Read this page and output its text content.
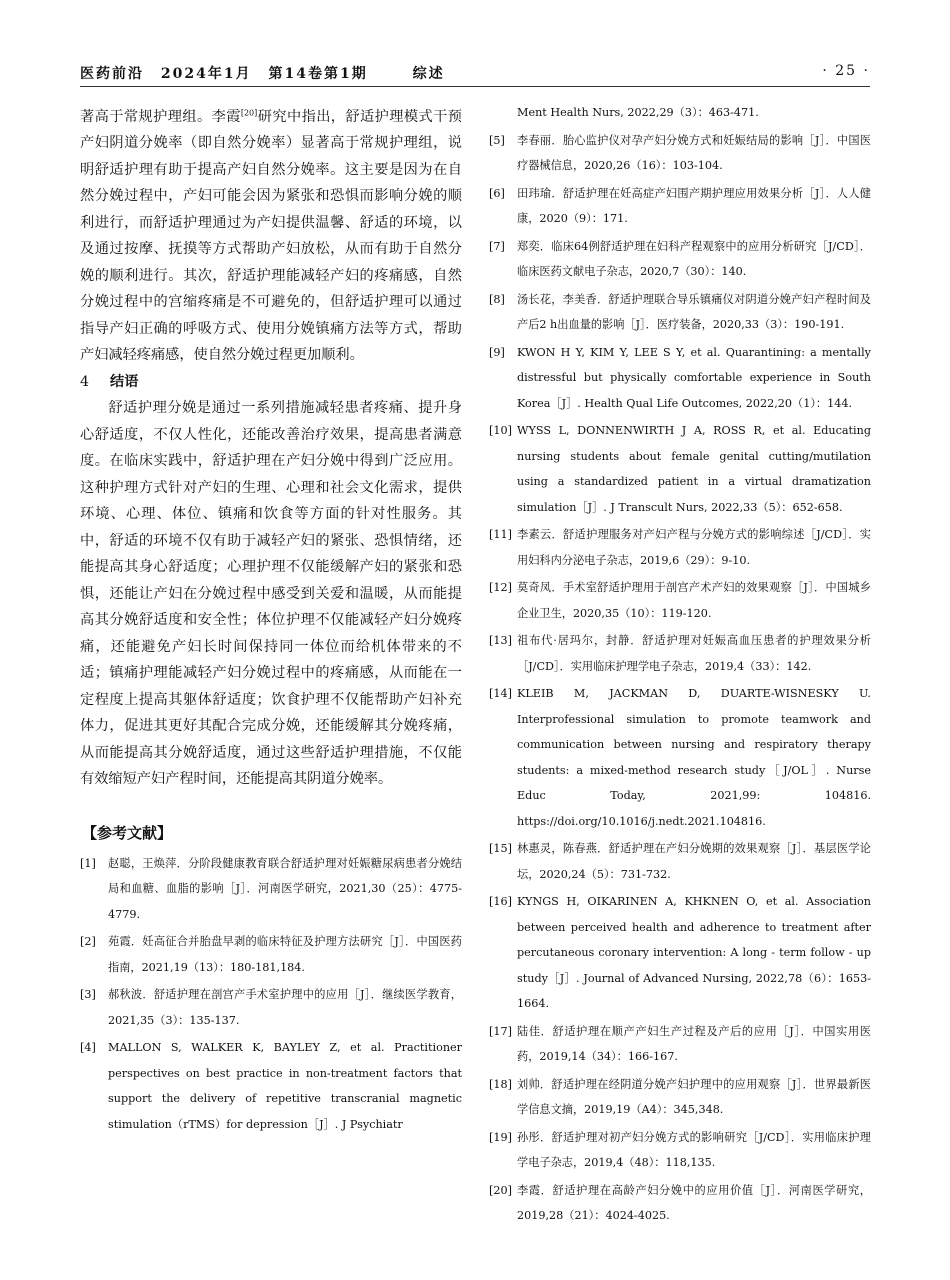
医药前沿 2024年1月 第14卷第1期	综述	· 25 ·

著高于常规护理组。李霞[20]研究中指出，舒适护理模式干预产妇阴道分娩率（即自然分娩率）显著高于常规护理组，说明舒适护理有助于提高产妇自然分娩率。这主要是因为在自然分娩过程中，产妇可能会因为紧张和恐惧而影响分娩的顺利进行，而舒适护理通过为产妇提供温馨、舒适的环境，以及通过按摩、抚摸等方式帮助产妇放松，从而有助于自然分娩的顺利进行。其次，舒适护理能减轻产妇的疼痛感，自然分娩过程中的宫缩疼痛是不可避免的，但舒适护理可以通过指导产妇正确的呼吸方式、使用分娩镇痛方法等方式，帮助产妇减轻疼痛感，使自然分娩过程更加顺利。

4 结语

舒适护理分娩是通过一系列措施减轻患者疼痛、提升身心舒适度，不仅人性化，还能改善治疗效果，提高患者满意度。在临床实践中，舒适护理在产妇分娩中得到广泛应用。这种护理方式针对产妇的生理、心理和社会文化需求，提供环境、心理、体位、镇痛和饮食等方面的针对性服务。其中，舒适的环境不仅有助于减轻产妇的紧张、恐惧情绪，还能提高其身心舒适度；心理护理不仅能缓解产妇的紧张和恐惧，还能让产妇在分娩过程中感受到关爱和温暖，从而能提高其分娩舒适度和安全性；体位护理不仅能减轻产妇分娩疼痛，还能避免产妇长时间保持同一体位而给机体带来的不适；镇痛护理能减轻产妇分娩过程中的疼痛感，从而能在一定程度上提高其躯体舒适度；饮食护理不仅能帮助产妇补充体力，促进其更好其配合完成分娩，还能缓解其分娩疼痛，从而能提高其分娩舒适度，通过这些舒适护理措施，不仅能有效缩短产妇产程时间，还能提高其阴道分娩率。

【参考文献】

[1] 赵聪，王焕萍．分阶段健康教育联合舒适护理对妊娠糖尿病患者分娩结局和血糖、血脂的影响［J］．河南医学研究，2021,30（25）：4775-4779.

[2] 苑霞．妊高征合并胎盘早剥的临床特征及护理方法研究［J］．中国医药指南，2021,19（13）：180-181,184.

[3] 郝秋波．舒适护理在剖宫产手术室护理中的应用［J］．继续医学教育，2021,35（3）：135-137.

[4] MALLON S, WALKER K, BAYLEY Z, et al. Practitioner perspectives on best practice in non-treatment factors that support the delivery of repetitive transcranial magnetic stimulation（rTMS）for depression［J］. J Psychiatr

Ment Health Nurs, 2022,29（3）：463-471.

[5] 李春丽．胎心监护仪对孕产妇分娩方式和妊娠结局的影响［J］．中国医疗器械信息，2020,26（16）：103-104.

[6] 田玮瑜．舒适护理在妊高症产妇围产期护理应用效果分析［J］．人人健康，2020（9）：171.

[7] 郑奕．临床64例舒适护理在妇科产程观察中的应用分析研究［J/CD］．临床医药文献电子杂志，2020,7（30）：140.

[8] 汤长花，李美香．舒适护理联合导乐镇痛仪对阴道分娩产妇产程时间及产后2 h出血量的影响［J］．医疗装备，2020,33（3）：190-191.

[9] KWON H Y, KIM Y, LEE S Y, et al. Quarantining: a mentally distressful but physically comfortable experience in South Korea［J］. Health Qual Life Outcomes, 2022,20（1）：144.

[10] WYSS L, DONNENWIRTH J A, ROSS R, et al. Educating nursing students about female genital cutting/mutilation using a standardized patient in a virtual dramatization simulation［J］. J Transcult Nurs, 2022,33（5）：652-658.

[11] 李素云．舒适护理服务对产妇产程与分娩方式的影响综述［J/CD］．实用妇科内分泌电子杂志，2019,6（29）：9-10.

[12] 莫奇凤．手术室舒适护理用于剖宫产术产妇的效果观察［J］．中国城乡企业卫生，2020,35（10）：119-120.

[13] 祖布代·居玛尔，封静．舒适护理对妊娠高血压患者的护理效果分析［J/CD］．实用临床护理学电子杂志，2019,4（33）：142.

[14] KLEIB M, JACKMAN D, DUARTE-WISNESKY U. Interprofessional simulation to promote teamwork and communication between nursing and respiratory therapy students: a mixed-method research study［J/OL］. Nurse Educ Today, 2021,99: 104816. https://doi.org/10.1016/j.nedt.2021.104816.

[15] 林惠灵，陈春燕．舒适护理在产妇分娩期的效果观察［J］．基层医学论坛，2020,24（5）：731-732.

[16] KYNGS H, OIKARINEN A, KHKNEN O, et al. Association between perceived health and adherence to treatment after percutaneous coronary intervention: A long - term follow - up study［J］. Journal of Advanced Nursing, 2022,78（6）：1653-1664.

[17] 陆佳．舒适护理在顺产产妇生产过程及产后的应用［J］．中国实用医药，2019,14（34）：166-167.

[18] 刘帅．舒适护理在经阴道分娩产妇护理中的应用观察［J］．世界最新医学信息文摘，2019,19（A4）：345,348.

[19] 孙彤．舒适护理对初产妇分娩方式的影响研究［J/CD］．实用临床护理学电子杂志，2019,4（48）：118,135.

[20] 李霞．舒适护理在高龄产妇分娩中的应用价值［J］．河南医学研究，2019,28（21）：4024-4025.
